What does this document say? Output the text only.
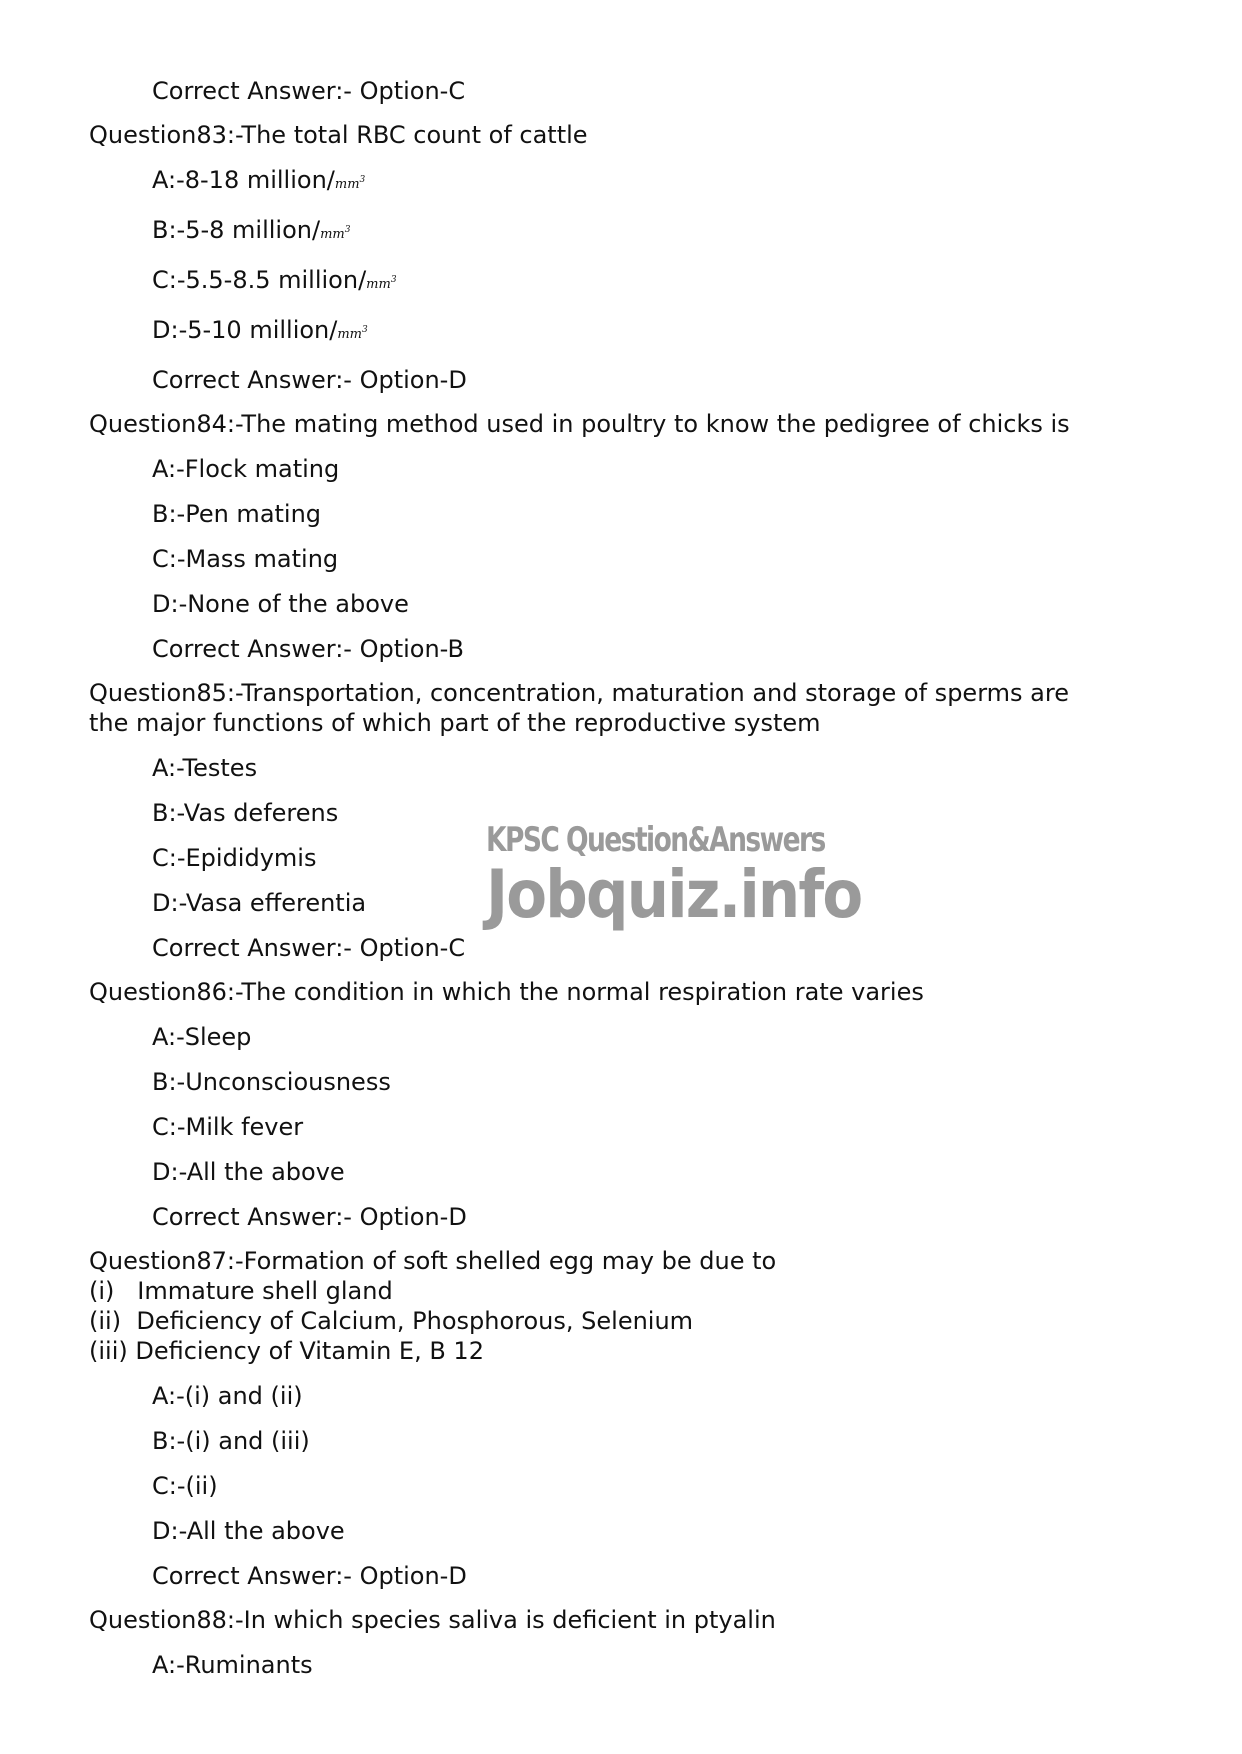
Correct Answer:- Option-C
Question83:-The total RBC count of cattle
A:-8-18 million/$mm^3$
B:-5-8 million/$mm^3$
C:-5.5-8.5 million/$mm^3$
D:-5-10 million/$mm^3$
Correct Answer:- Option-D
Question84:-The mating method used in poultry to know the pedigree of chicks is
A:-Flock mating
B:-Pen mating
C:-Mass mating
D:-None of the above
Correct Answer:- Option-B
Question85:-Transportation, concentration, maturation and storage of sperms are
the major functions of which part of the reproductive system
A:-Testes
B:-Vas deferens
C:-Epididymis
D:-Vasa efferentia
Correct Answer:- Option-C
Question86:-The condition in which the normal respiration rate varies
A:-Sleep
B:-Unconsciousness
C:-Milk fever
D:-All the above
Correct Answer:- Option-D
Question87:-Formation of soft shelled egg may be due to
(i)   Immature shell gland
(ii)  Deficiency of Calcium, Phosphorous, Selenium
(iii) Deficiency of Vitamin E, B 12
A:-(i) and (ii)
B:-(i) and (iii)
C:-(ii)
D:-All the above
Correct Answer:- Option-D
Question88:-In which species saliva is deficient in ptyalin
A:-Ruminants
KPSC Question&Answers
Jobquiz.info
